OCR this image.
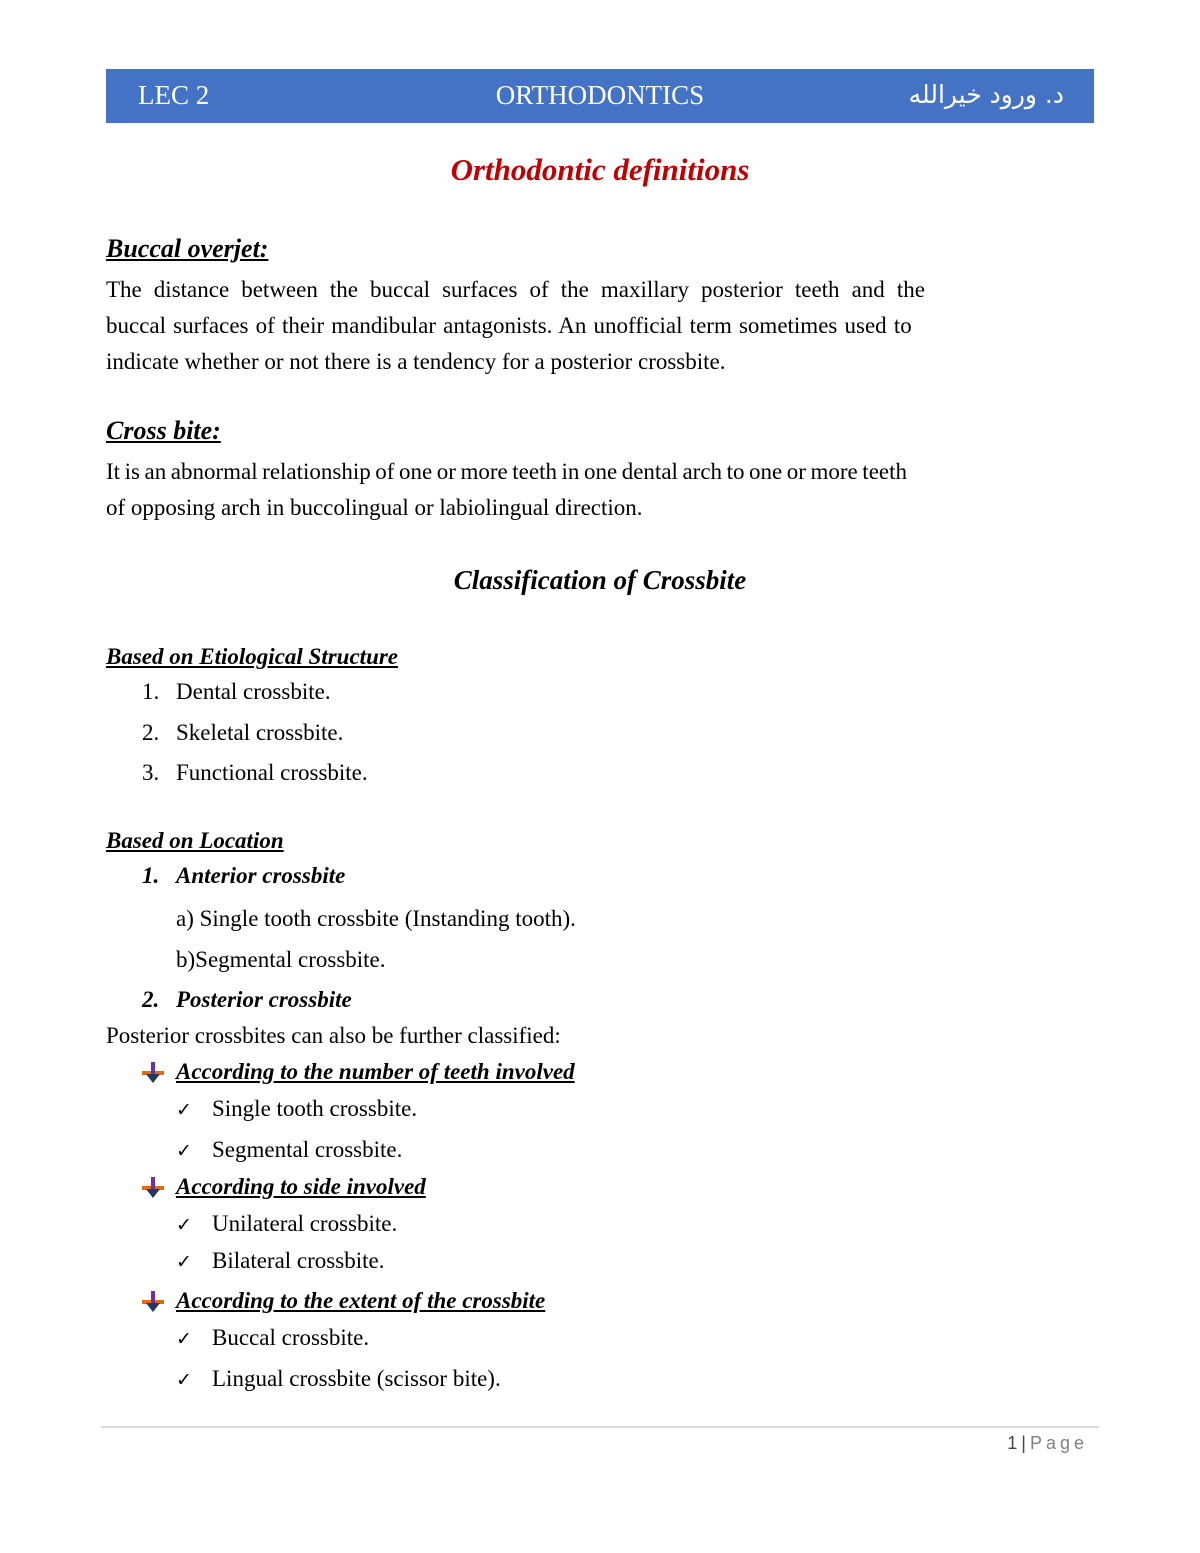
LEC 2	ORTHODONTICS	د. ورود خيرالله
Orthodontic definitions
Buccal overjet:
The distance between the buccal surfaces of the maxillary posterior teeth and the
buccal surfaces of their mandibular antagonists. An unofficial term sometimes used to
indicate whether or not there is a tendency for a posterior crossbite.
Cross bite:
It is an abnormal relationship of one or more teeth in one dental arch to one or more teeth
of opposing arch in buccolingual or labiolingual direction.
Classification of Crossbite
Based on Etiological Structure
1. Dental crossbite.
2. Skeletal crossbite.
3. Functional crossbite.
Based on Location
1. Anterior crossbite
a) Single tooth crossbite (Instanding tooth).
b)Segmental crossbite.
2. Posterior crossbite
Posterior crossbites can also be further classified:
According to the number of teeth involved
✓ Single tooth crossbite.
✓ Segmental crossbite.
According to side involved
✓ Unilateral crossbite.
✓ Bilateral crossbite.
According to the extent of the crossbite
✓ Buccal crossbite.
✓ Lingual crossbite (scissor bite).
1 | Page
